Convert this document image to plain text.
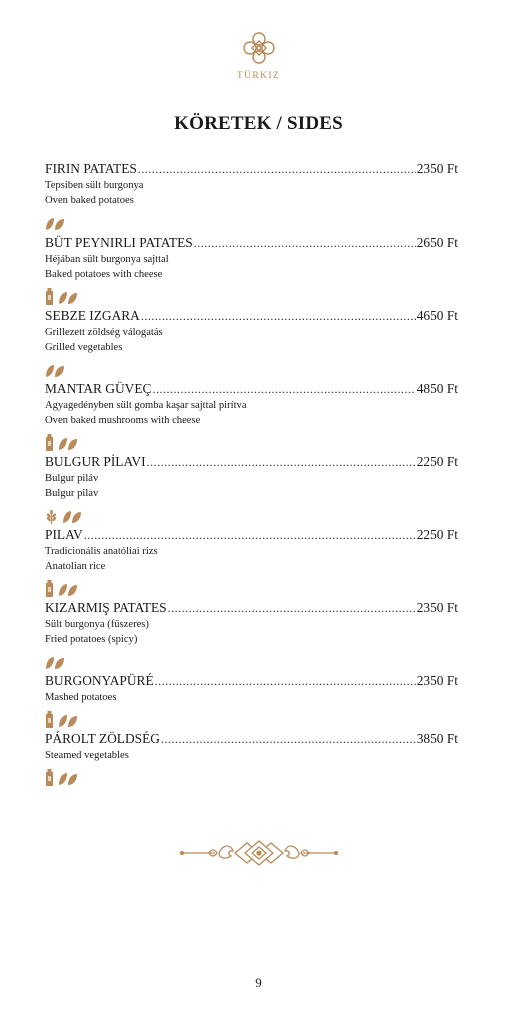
TÜRKIZ
KÖRETEK / SIDES
FIRIN PATATES .....	2350 Ft
Tepsiben sült burgonya
Oven baked potatoes
BÜT PEYNIRLI PATATES .....	2650 Ft
Héjában sült burgonya sajttal
Baked potatoes with cheese
SEBZE IZGARA .....	4650 Ft
Grillezett zöldség válogatás
Grilled vegetables
MANTAR GÜVEÇ .....	4850 Ft
Agyagedényben sült gomba kaşar sajttal pirítva
Oven baked mushrooms with cheese
BULGUR PİLAVI .....	2250 Ft
Bulgur piláv
Bulgur pilav
PILAV .....	2250 Ft
Tradicionális anatóliai rizs
Anatolian rice
KIZARMIŞ PATATES .....	2350 Ft
Sült burgonya (fűszeres)
Fried potatoes (spicy)
BURGONYAPÜRÉ .....	2350 Ft
Mashed potatoes
PÁROLT ZÖLDSÉG .....	3850 Ft
Steamed vegetables
9
